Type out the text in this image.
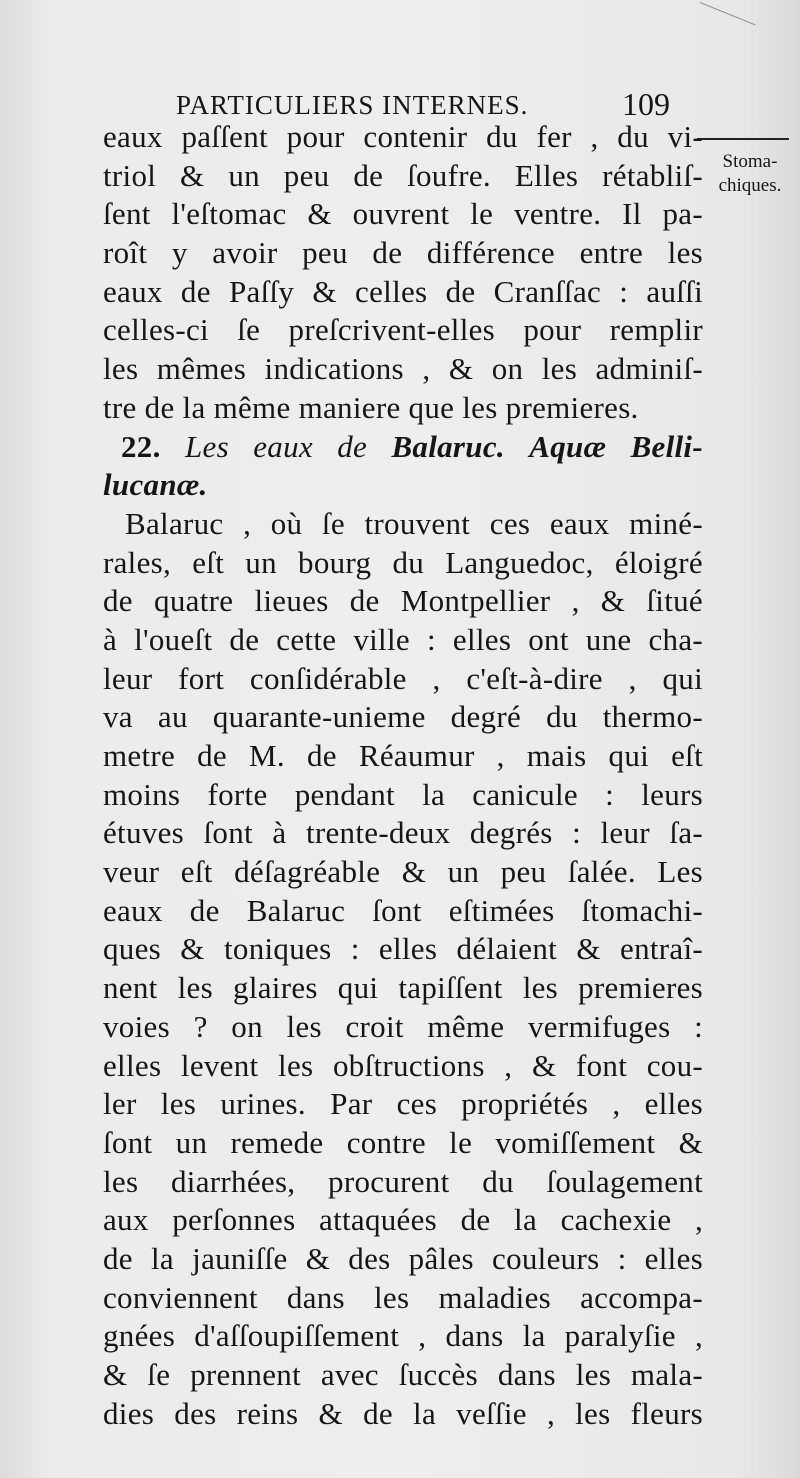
PARTICULIERS INTERNES.	109
Stoma-
chiques.
eaux paſſent pour contenir du fer , du vi-
triol & un peu de ſoufre. Elles rétabliſ-
ſent l'eſtomac & ouvrent le ventre. Il pa-
roît y avoir peu de différence entre les
eaux de Paſſy & celles de Cranſſac : auſſi
celles-ci ſe preſcrivent-elles pour remplir
les mêmes indications , & on les adminiſ-
tre de la même maniere que les premieres.
22. Les eaux de Balaruc. Aquæ Belli-
lucanæ.
Balaruc , où ſe trouvent ces eaux miné-
rales, eſt un bourg du Languedoc, éloigré
de quatre lieues de Montpellier , & ſitué
à l'oueſt de cette ville : elles ont une cha-
leur fort conſidérable , c'eſt-à-dire , qui
va au quarante-unieme degré du thermo-
metre de M. de Réaumur , mais qui eſt
moins forte pendant la canicule : leurs
étuves ſont à trente-deux degrés : leur ſa-
veur eſt déſagréable & un peu ſalée. Les
eaux de Balaruc ſont eſtimées ſtomachi-
ques & toniques : elles délaient & entraî-
nent les glaires qui tapiſſent les premieres
voies ? on les croit même vermifuges :
elles levent les obſtructions , & font cou-
ler les urines. Par ces propriétés , elles
ſont un remede contre le vomiſſement &
les diarrhées, procurent du ſoulagement
aux perſonnes attaquées de la cachexie ,
de la jauniſſe & des pâles couleurs : elles
conviennent dans les maladies accompa-
gnées d'aſſoupiſſement , dans la paralyſie ,
& ſe prennent avec ſuccès dans les mala-
dies des reins & de la veſſie , les fleurs
